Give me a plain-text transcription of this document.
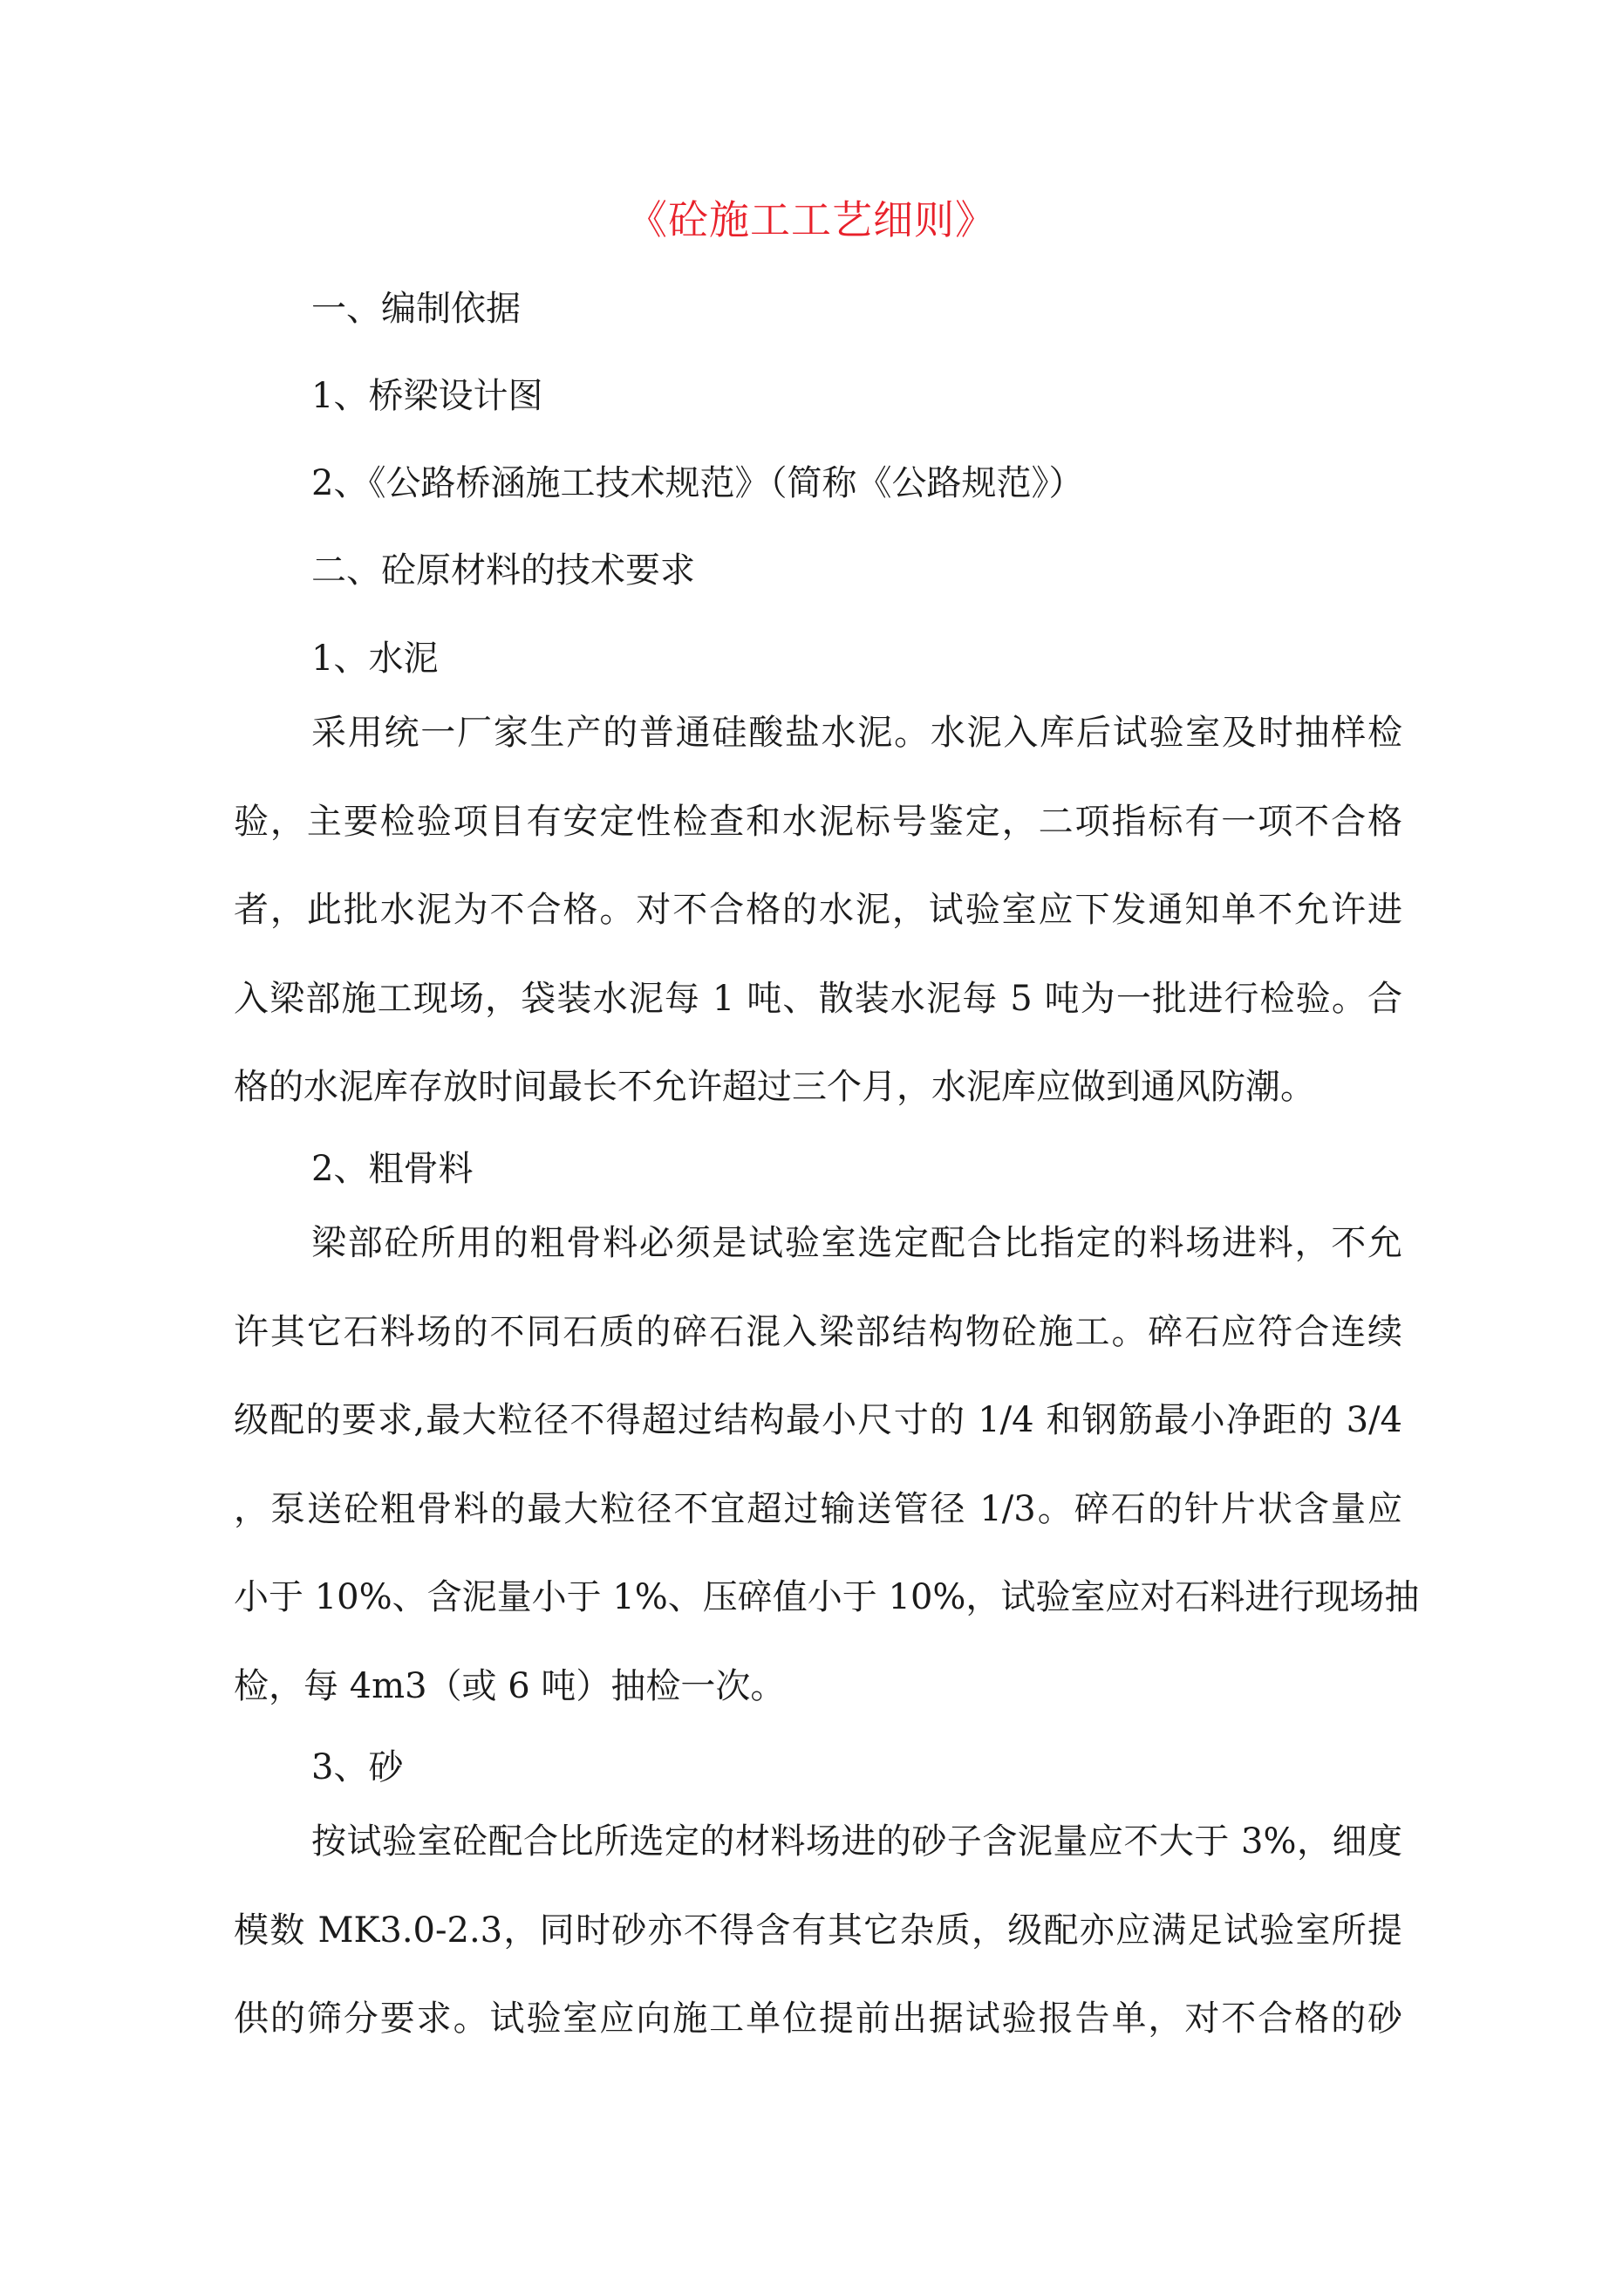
《砼施工工艺细则》
一、编制依据
1、桥梁设计图
2、《公路桥涵施工技术规范》（简称《公路规范》）
二、砼原材料的技术要求
1、水泥
采用统一厂家生产的普通硅酸盐水泥。水泥入库后试验室及时抽样检
验，主要检验项目有安定性检查和水泥标号鉴定，二项指标有一项不合格
者，此批水泥为不合格。对不合格的水泥，试验室应下发通知单不允许进
入梁部施工现场，袋装水泥每 1 吨、散装水泥每 5 吨为一批进行检验。合
格的水泥库存放时间最长不允许超过三个月，水泥库应做到通风防潮。
2、粗骨料
梁部砼所用的粗骨料必须是试验室选定配合比指定的料场进料，不允
许其它石料场的不同石质的碎石混入梁部结构物砼施工。碎石应符合连续
级配的要求,最大粒径不得超过结构最小尺寸的 1/4 和钢筋最小净距的 3/4
，泵送砼粗骨料的最大粒径不宜超过输送管径 1/3。碎石的针片状含量应
小于 10%、含泥量小于 1%、压碎值小于 10%，试验室应对石料进行现场抽
检，每 4m3（或 6 吨）抽检一次。
3、砂
按试验室砼配合比所选定的材料场进的砂子含泥量应不大于 3%，细度
模数 MK3.0-2.3，同时砂亦不得含有其它杂质，级配亦应满足试验室所提
供的筛分要求。试验室应向施工单位提前出据试验报告单，对不合格的砂
